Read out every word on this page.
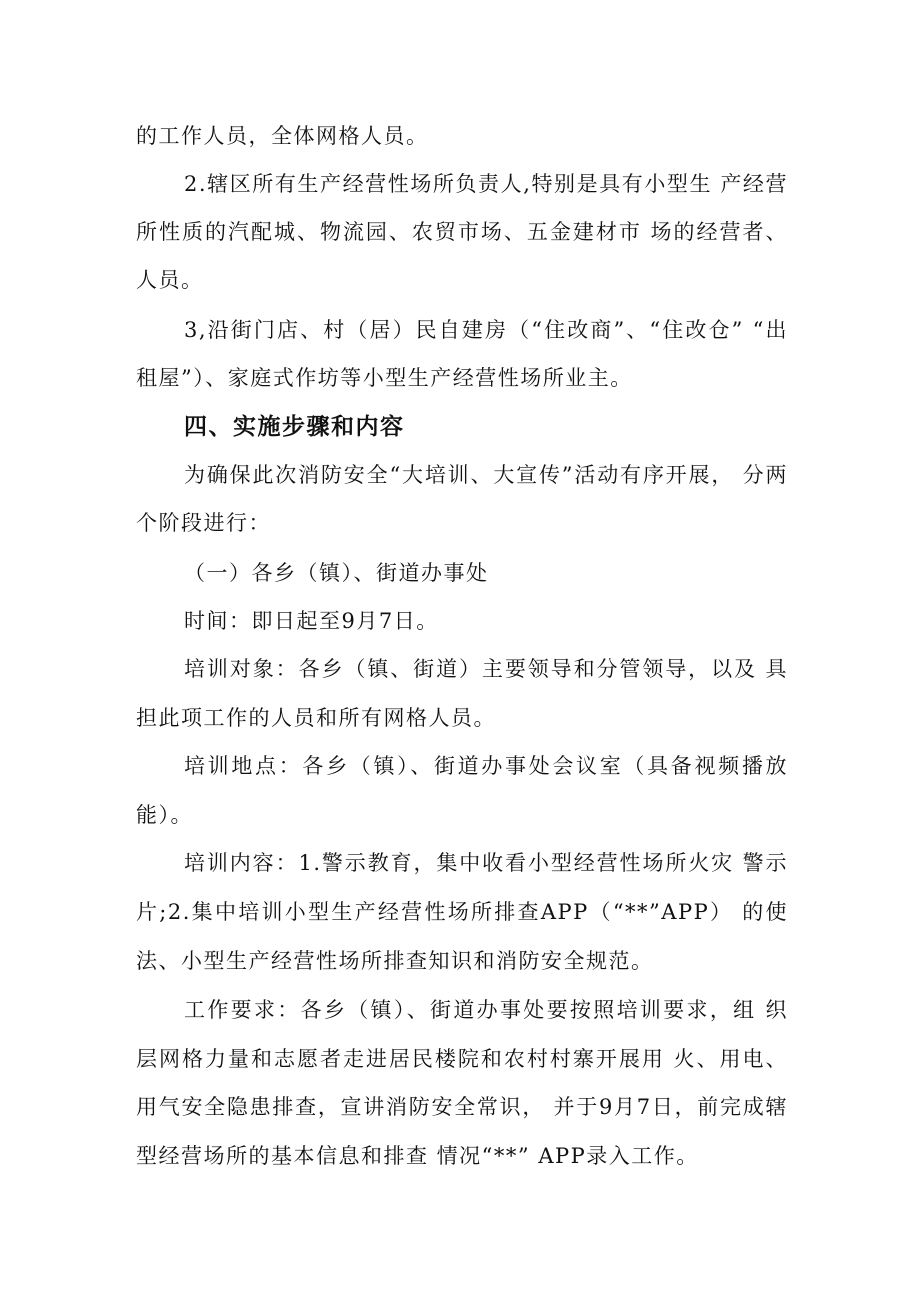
的工作人员，全体网格人员。
2.辖区所有生产经营性场所负责人,特别是具有小型生 产经营
所性质的汽配城、物流园、农贸市场、五金建材市 场的经营者、
人员。
3,沿街门店、村（居）民自建房（“住改商”、“住改仓” “出
租屋”）、家庭式作坊等小型生产经营性场所业主。
四、实施步骤和内容
为确保此次消防安全“大培训、大宣传”活动有序开展， 分两
个阶段进行：
（一）各乡（镇）、街道办事处
时间：即日起至9月7日。
培训对象：各乡（镇、街道）主要领导和分管领导，以及 具
担此项工作的人员和所有网格人员。
培训地点：各乡（镇）、街道办事处会议室（具备视频播放
能）。
培训内容：1.警示教育，集中收看小型经营性场所火灾 警示
片;2.集中培训小型生产经营性场所排查APP（“**”APP） 的使
法、小型生产经营性场所排查知识和消防安全规范。
工作要求：各乡（镇）、街道办事处要按照培训要求，组 织
层网格力量和志愿者走进居民楼院和农村村寨开展用 火、用电、
用气安全隐患排查，宣讲消防安全常识， 并于9月7日，前完成辖
型经营场所的基本信息和排查 情况“**” APP录入工作。
